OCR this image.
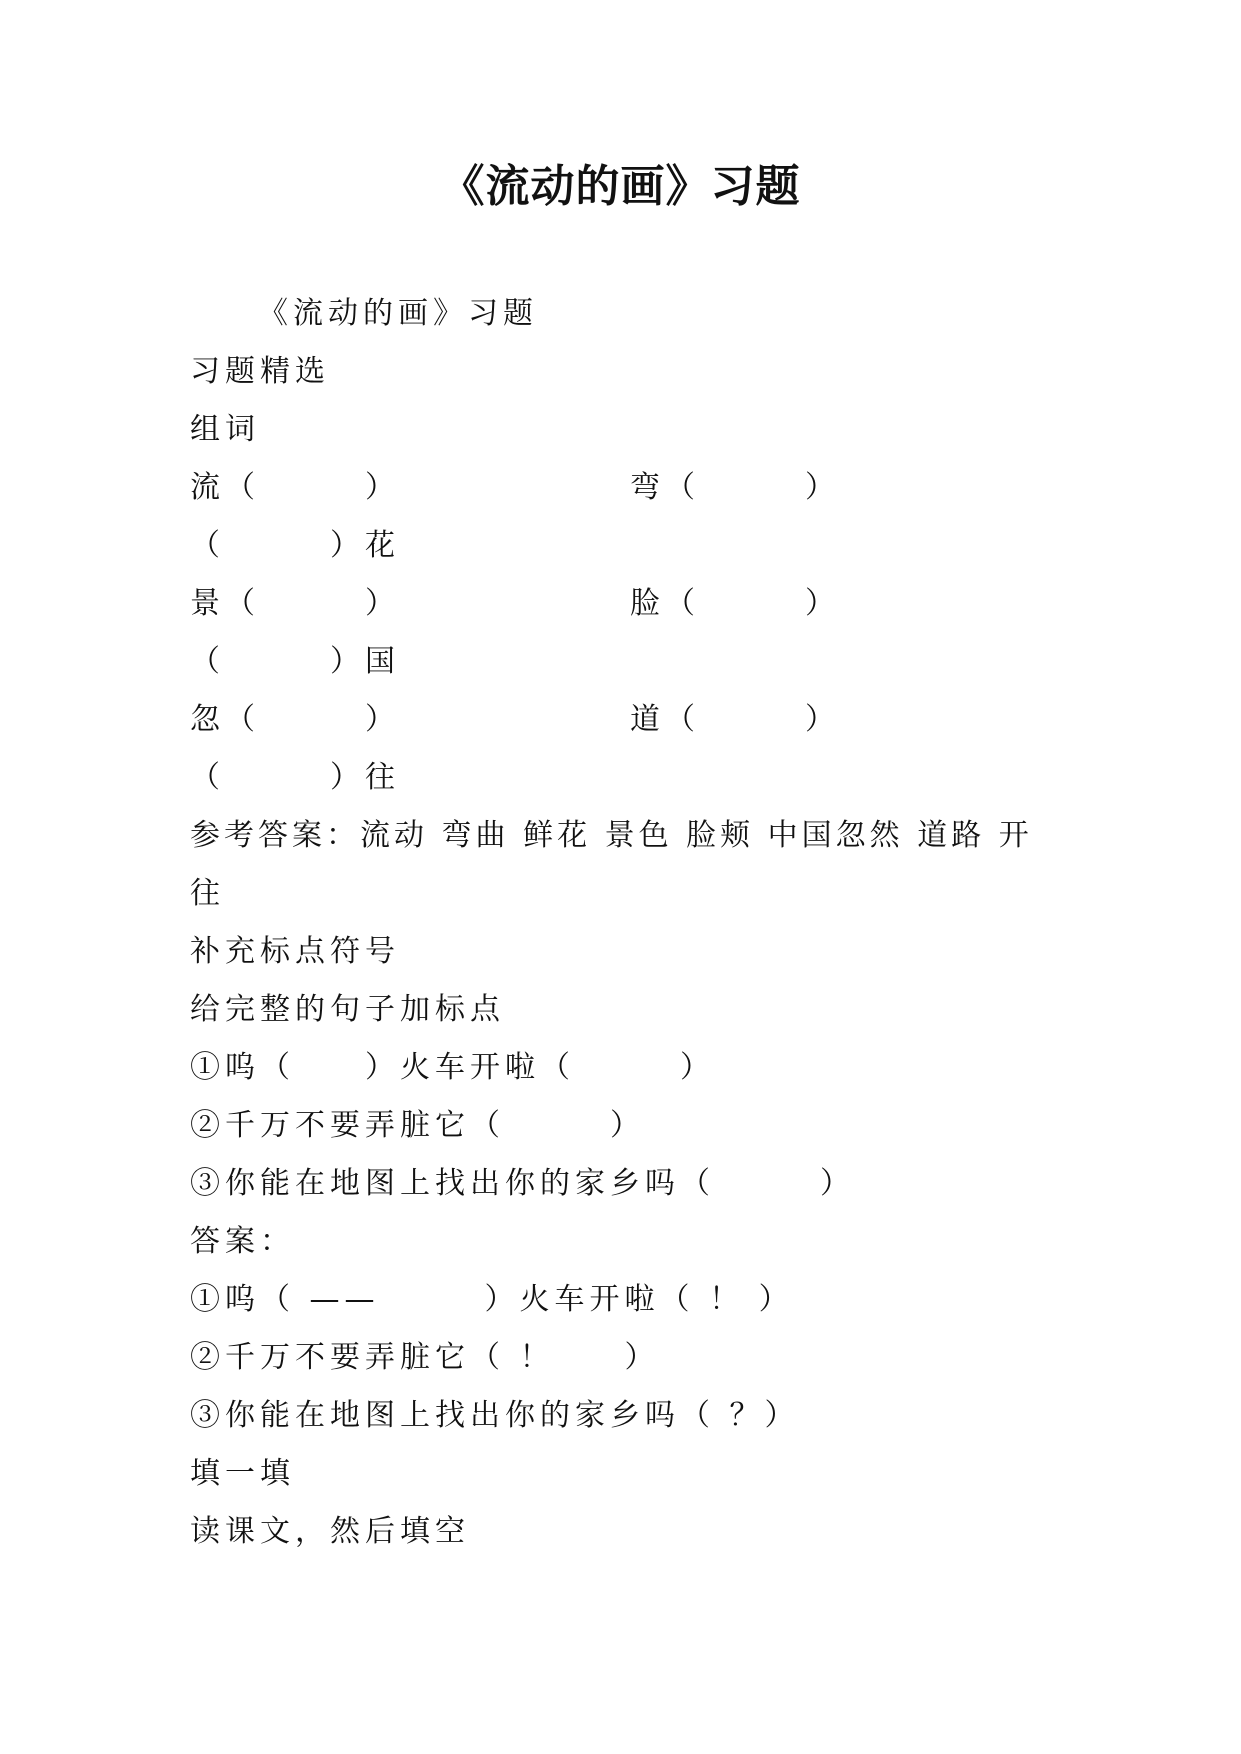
《流动的画》习题
《流动的画》习题
习题精选
组词
流（　　　）	弯（　　　）
（　　　）花
景（　　　）	脸（　　　）
（　　　）国
忽（　　　）	道（　　　）
（　　　）往
参考答案：流动 弯曲 鲜花 景色 脸颊 中国忽然 道路 开
往
补充标点符号
给完整的句子加标点
①呜（　　）火车开啦（　　　）
②千万不要弄脏它（　　　）
③你能在地图上找出你的家乡吗（　　　）
答案：
①呜（ ——　　　）火车开啦（ ！ ）
②千万不要弄脏它（ ！　　）
③你能在地图上找出你的家乡吗（ ？）
填一填
读课文，然后填空
